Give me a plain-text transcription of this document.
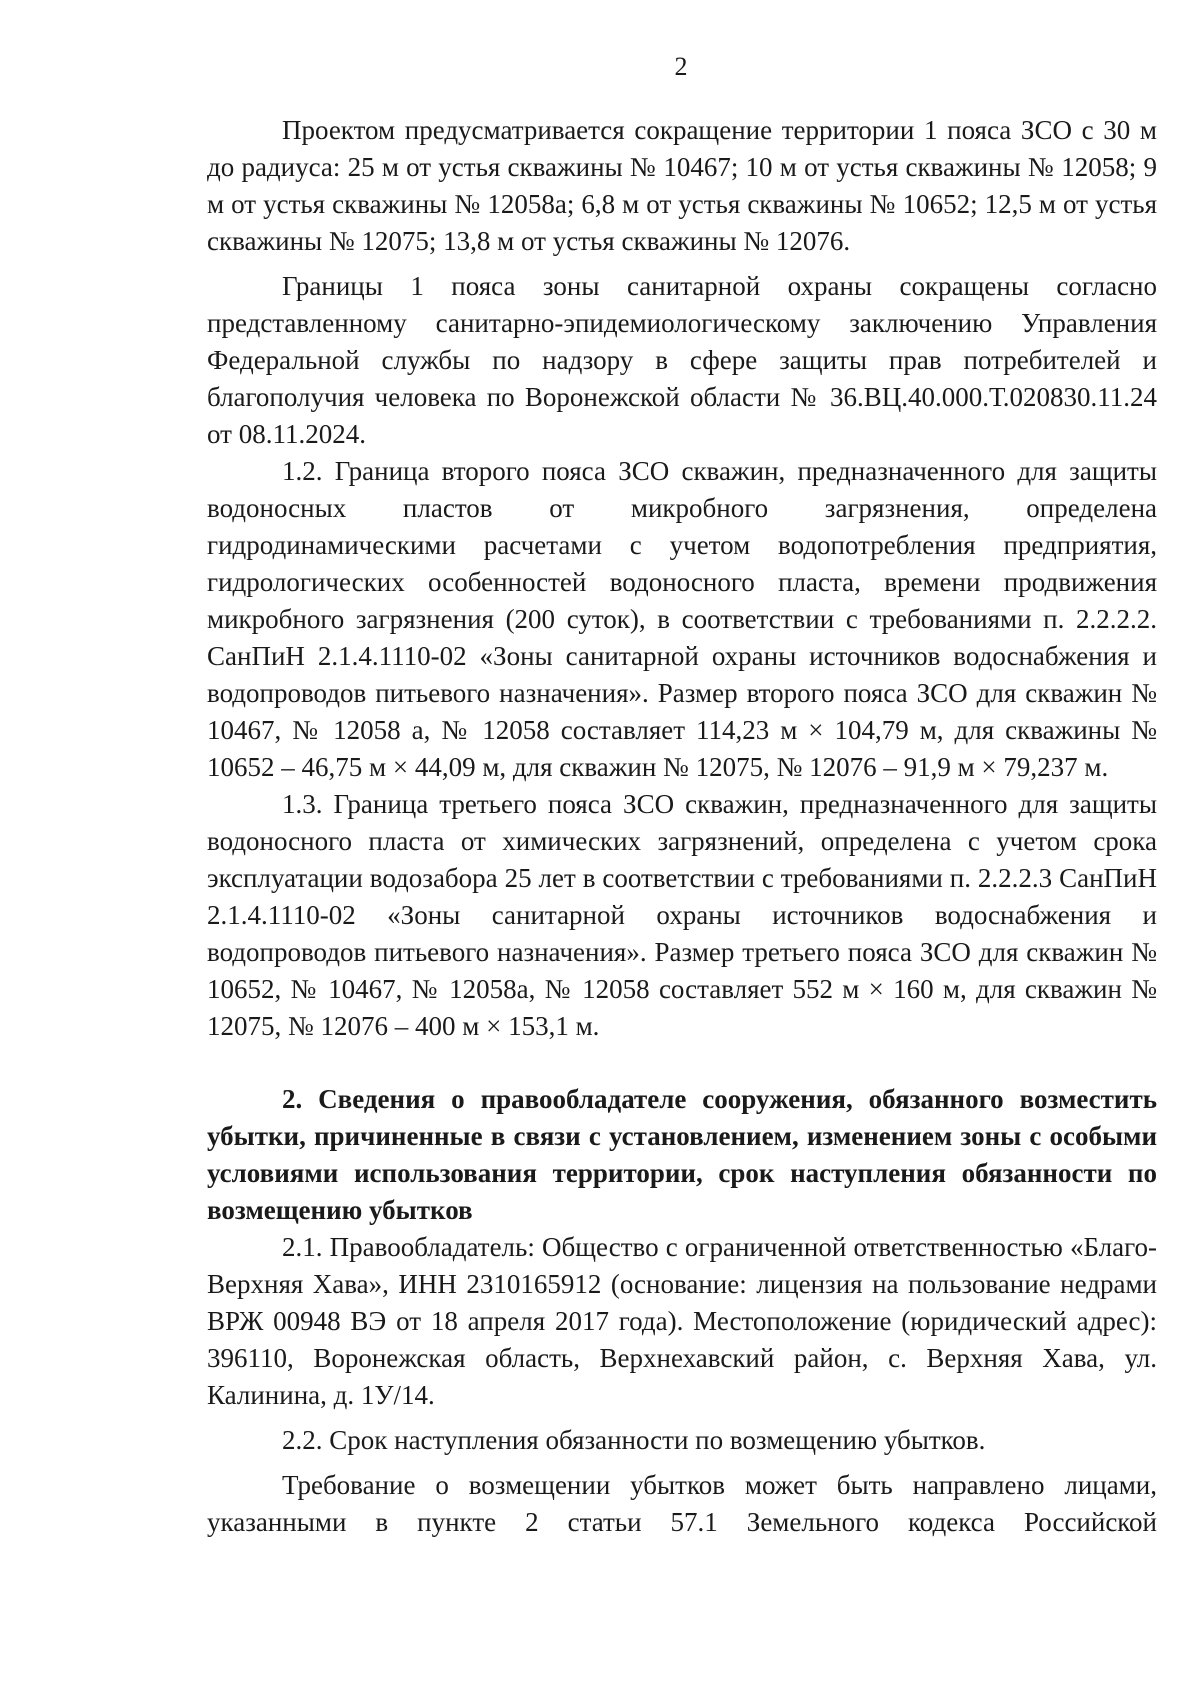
2

Проектом предусматривается сокращение территории 1 пояса ЗСО с 30 м до радиуса: 25 м от устья скважины № 10467; 10 м от устья скважины № 12058; 9 м от устья скважины № 12058а; 6,8 м от устья скважины № 10652; 12,5 м от устья скважины № 12075; 13,8 м от устья скважины № 12076.

Границы 1 пояса зоны санитарной охраны сокращены согласно представленному санитарно-эпидемиологическому заключению Управления Федеральной службы по надзору в сфере защиты прав потребителей и благополучия человека по Воронежской области № 36.ВЦ.40.000.Т.020830.11.24 от 08.11.2024.

1.2. Граница второго пояса ЗСО скважин, предназначенного для защиты водоносных пластов от микробного загрязнения, определена гидродинамическими расчетами с учетом водопотребления предприятия, гидрологических особенностей водоносного пласта, времени продвижения микробного загрязнения (200 суток), в соответствии с требованиями п. 2.2.2.2. СанПиН 2.1.4.1110-02 «Зоны санитарной охраны источников водоснабжения и водопроводов питьевого назначения». Размер второго пояса ЗСО для скважин № 10467, № 12058 а, № 12058 составляет 114,23 м × 104,79 м, для скважины № 10652 – 46,75 м × 44,09 м, для скважин № 12075, № 12076 – 91,9 м × 79,237 м.

1.3. Граница третьего пояса ЗСО скважин, предназначенного для защиты водоносного пласта от химических загрязнений, определена с учетом срока эксплуатации водозабора 25 лет в соответствии с требованиями п. 2.2.2.3 СанПиН 2.1.4.1110-02 «Зоны санитарной охраны источников водоснабжения и водопроводов питьевого назначения». Размер третьего пояса ЗСО для скважин № 10652, № 10467, № 12058а, № 12058 составляет 552 м × 160 м, для скважин № 12075, № 12076 – 400 м × 153,1 м.

2. Сведения о правообладателе сооружения, обязанного возместить убытки, причиненные в связи с установлением, изменением зоны с особыми условиями использования территории, срок наступления обязанности по возмещению убытков

2.1. Правообладатель: Общество с ограниченной ответственностью «Благо-Верхняя Хава», ИНН 2310165912 (основание: лицензия на пользование недрами ВРЖ 00948 ВЭ от 18 апреля 2017 года). Местоположение (юридический адрес): 396110, Воронежская область, Верхнехавский район, с. Верхняя Хава, ул. Калинина, д. 1У/14.

2.2. Срок наступления обязанности по возмещению убытков.

Требование о возмещении убытков может быть направлено лицами, указанными в пункте 2 статьи 57.1 Земельного кодекса Российской
